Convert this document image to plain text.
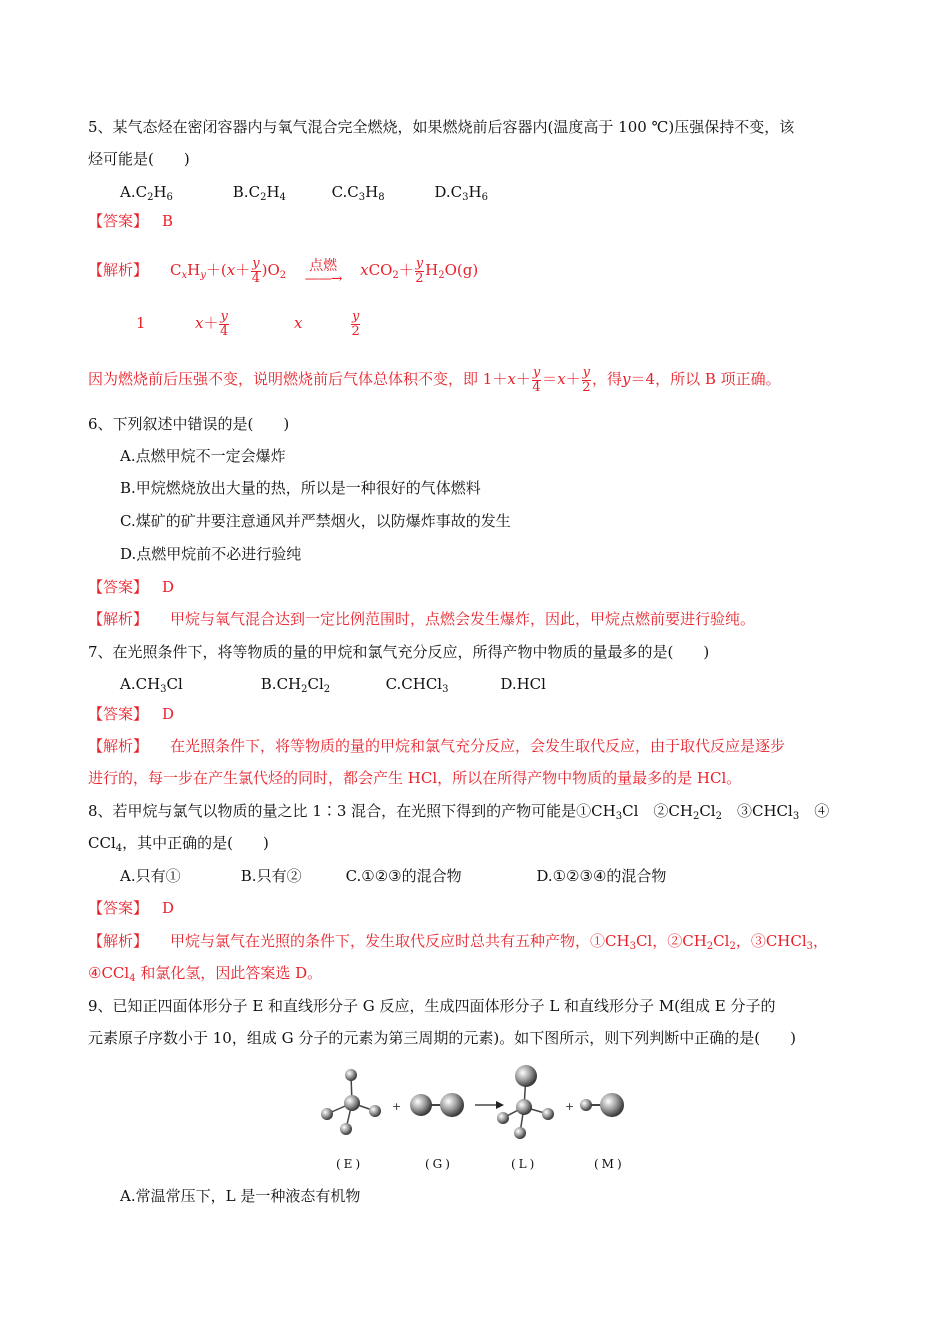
5、某气态烃在密闭容器内与氧气混合完全燃烧，如果燃烧前后容器内(温度高于 100 ℃)压强保持不变，该
烃可能是(　　)
$A.C_2H_6$	$B.C_2H_4$	$C.C_3H_8$	$D.C_3H_6$
【答案】 B
【解析】 $C_xH_y+(x+ \frac{y}{4} )O_2$
点燃
——→	$xCO_2+ \frac{y}{2} H_2O(g)$
1	$x+ \frac{y}{4}$	x	$\frac{y}{2}$
因为燃烧前后压强不变，说明燃烧前后气体总体积不变，即 $1+x+ \frac{y}{4} =x+ \frac{y}{2}$ ，得y＝4，所以 B 项正确。
6、下列叙述中错误的是(　　)
A.点燃甲烷不一定会爆炸
B.甲烷燃烧放出大量的热，所以是一种很好的气体燃料
C.煤矿的矿井要注意通风并严禁烟火，以防爆炸事故的发生
D.点燃甲烷前不必进行验纯
【答案】 D
【解析】 甲烷与氧气混合达到一定比例范围时，点燃会发生爆炸，因此，甲烷点燃前要进行验纯。
7、在光照条件下，将等物质的量的甲烷和氯气充分反应，所得产物中物质的量最多的是(　　)
$A.CH_3Cl$	$B.CH_2Cl_2$	C.CHCl$_3$	D.HCl
【答案】 D
【解析】 在光照条件下，将等物质的量的甲烷和氯气充分反应，会发生取代反应，由于取代反应是逐步
进行的，每一步在产生氯代烃的同时，都会产生 HCl，所以在所得产物中物质的量最多的是 HCl。
8、若甲烷与氯气以物质的量之比 1∶3 混合，在光照下得到的产物可能是$①CH_3Cl$　$②CH_2Cl_2$　③CHCl$_3$　④
CCl$_4$，其中正确的是(　　)
A.只有①	B.只有②	C.①②③的混合物	D.①②③④的混合物
【答案】 D
【解析】 甲烷与氯气在光照的条件下，发生取代反应时总共有五种产物，$①CH_3Cl$，$②CH_2Cl_2$，③CHCl$_3$，
④CCl$_4$ 和氯化氢，因此答案选 D。
9、已知正四面体形分子 E 和直线形分子 G 反应，生成四面体形分子 L 和直线形分子 M(组成 E 分子的
元素原子序数小于 10，组成 G 分子的元素为第三周期的元素)。如下图所示，则下列判断中正确的是(　　)
+	+
(E)	(G)	(L)	(M)
A.常温常压下，L 是一种液态有机物
